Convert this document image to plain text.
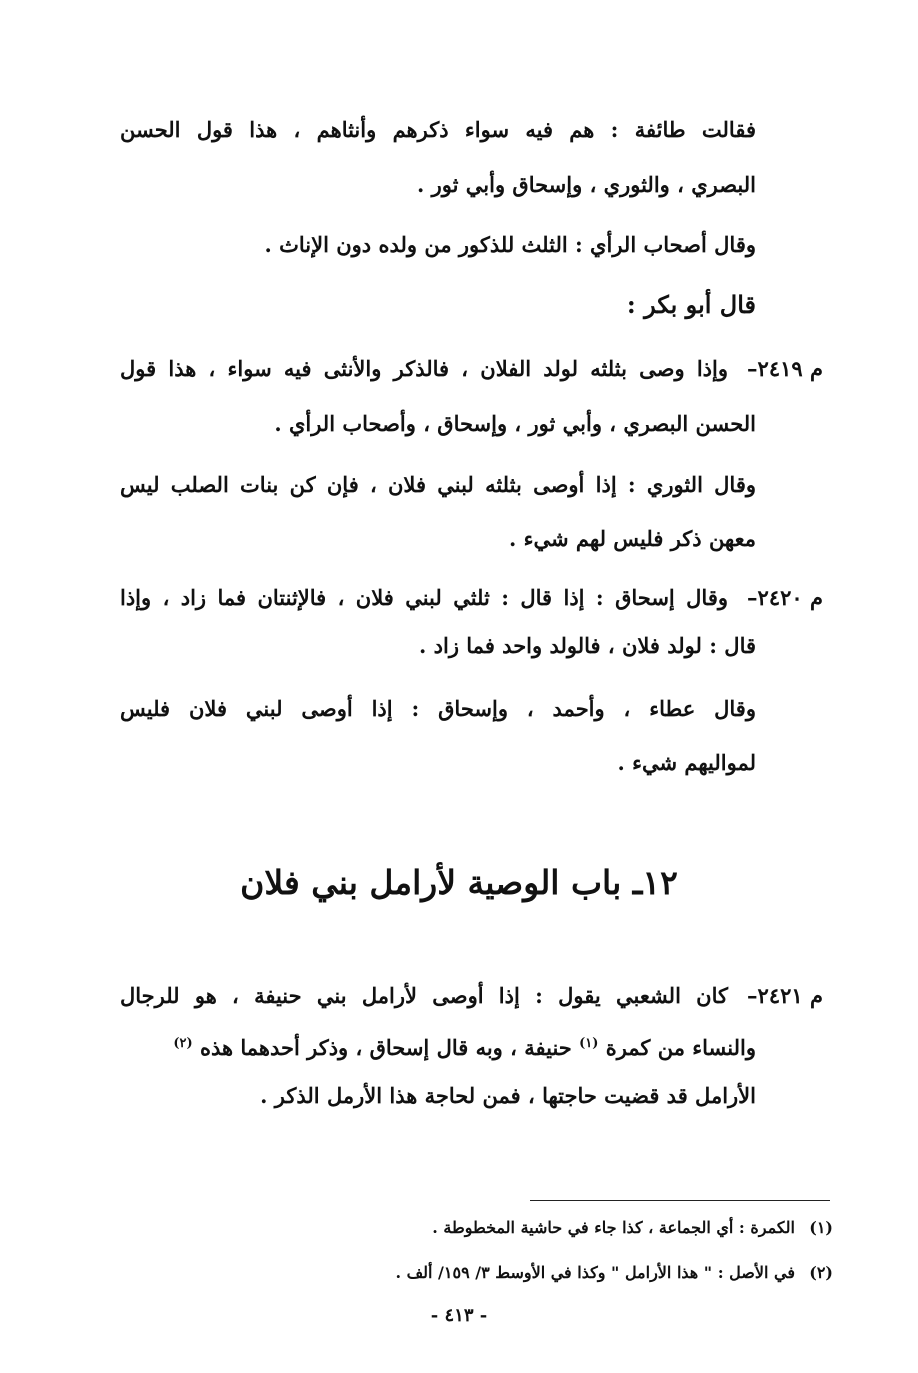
فقالت طائفة : هم فيه سواء ذكرهم وأنثاهم ، هذا قول الحسن
البصري ، والثوري ، وإسحاق وأبي ثور .
وقال أصحاب الرأي : الثلث للذكور من ولده دون الإناث .
قال أبو بكر :
م ٢٤١٩–
وإذا وصى بثلثه لولد الفلان ، فالذكر والأنثى فيه سواء ، هذا قول
الحسن البصري ، وأبي ثور ، وإسحاق ، وأصحاب الرأي .
وقال الثوري : إذا أوصى بثلثه لبني فلان ، فإن كن بنات الصلب ليس
معهن ذكر فليس لهم شيء .
م ٢٤٢٠–
وقال إسحاق : إذا قال : ثلثي لبني فلان ، فالإثنتان فما زاد ، وإذا
قال : لولد فلان ، فالولد واحد فما زاد .
وقال عطاء ، وأحمد ، وإسحاق : إذا أوصى لبني فلان فليس
لمواليهم شيء .
١٢ـ باب الوصية لأرامل بني فلان
م ٢٤٢١–
كان الشعبي يقول : إذا أوصى لأرامل بني حنيفة ، هو للرجال
والنساء من كمرة $^{(١)}$ حنيفة ، وبه قال إسحاق ، وذكر أحدهما هذه $^{(٢)}$
الأرامل قد قضيت حاجتها ، فمن لحاجة هذا الأرمل الذكر .
(١)الكمرة : أي الجماعة ، كذا جاء في حاشية المخطوطة .
(٢)في الأصل : " هذا الأرامل " وكذا في الأوسط ٣/ ١٥٩/ ألف .
- ٤١٣ -
